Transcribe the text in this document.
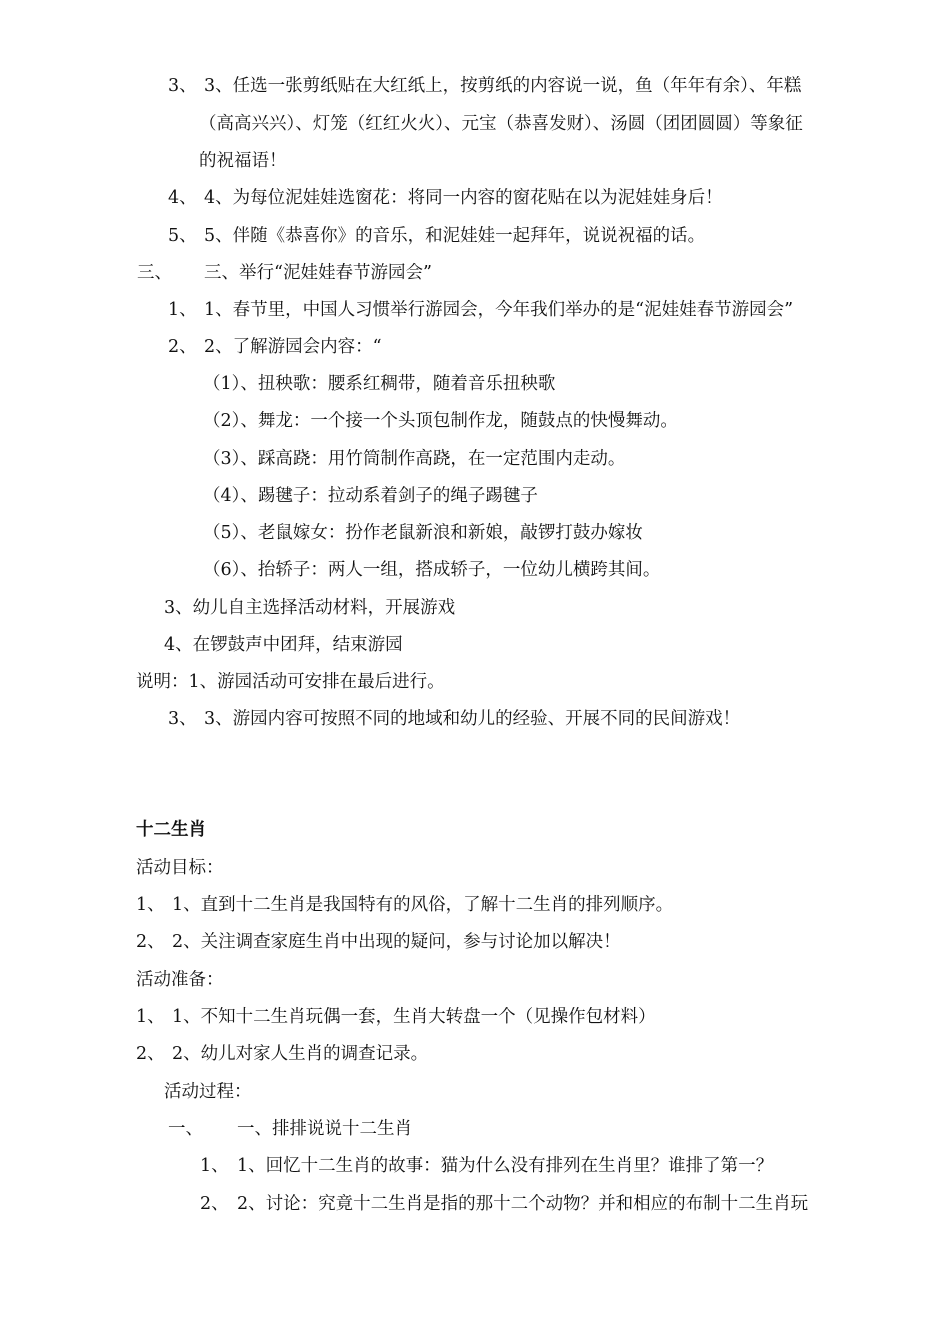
3、 3、任选一张剪纸贴在大红纸上，按剪纸的内容说一说，鱼（年年有余）、年糕
（高高兴兴）、灯笼（红红火火）、元宝（恭喜发财）、汤圆（团团圆圆）等象征
的祝福语！
4、 4、为每位泥娃娃选窗花：将同一内容的窗花贴在以为泥娃娃身后！
5、 5、伴随《恭喜你》的音乐，和泥娃娃一起拜年，说说祝福的话。
三、 三、举行“泥娃娃春节游园会”
1、 1、春节里，中国人习惯举行游园会，今年我们举办的是“泥娃娃春节游园会”
2、 2、了解游园会内容：“
（1）、扭秧歌：腰系红稠带，随着音乐扭秧歌
（2）、舞龙：一个接一个头顶包制作龙，随鼓点的快慢舞动。
（3）、踩高跷：用竹筒制作高跷，在一定范围内走动。
（4）、踢毽子：拉动系着剑子的绳子踢毽子
（5）、老鼠嫁女：扮作老鼠新浪和新娘，敲锣打鼓办嫁妆
（6）、抬轿子：两人一组，搭成轿子，一位幼儿横跨其间。
3、幼儿自主选择活动材料，开展游戏
4、在锣鼓声中团拜，结束游园
说明：1、游园活动可安排在最后进行。
3、 3、游园内容可按照不同的地域和幼儿的经验、开展不同的民间游戏！
十二生肖
活动目标：
1、 1、直到十二生肖是我国特有的风俗，了解十二生肖的排列顺序。
2、 2、关注调查家庭生肖中出现的疑问，参与讨论加以解决！
活动准备：
1、 1、不知十二生肖玩偶一套，生肖大转盘一个（见操作包材料）
2、 2、幼儿对家人生肖的调查记录。
活动过程：
一、 一、排排说说十二生肖
1、 1、回忆十二生肖的故事：猫为什么没有排列在生肖里？谁排了第一？
2、 2、讨论：究竟十二生肖是指的那十二个动物？并和相应的布制十二生肖玩
